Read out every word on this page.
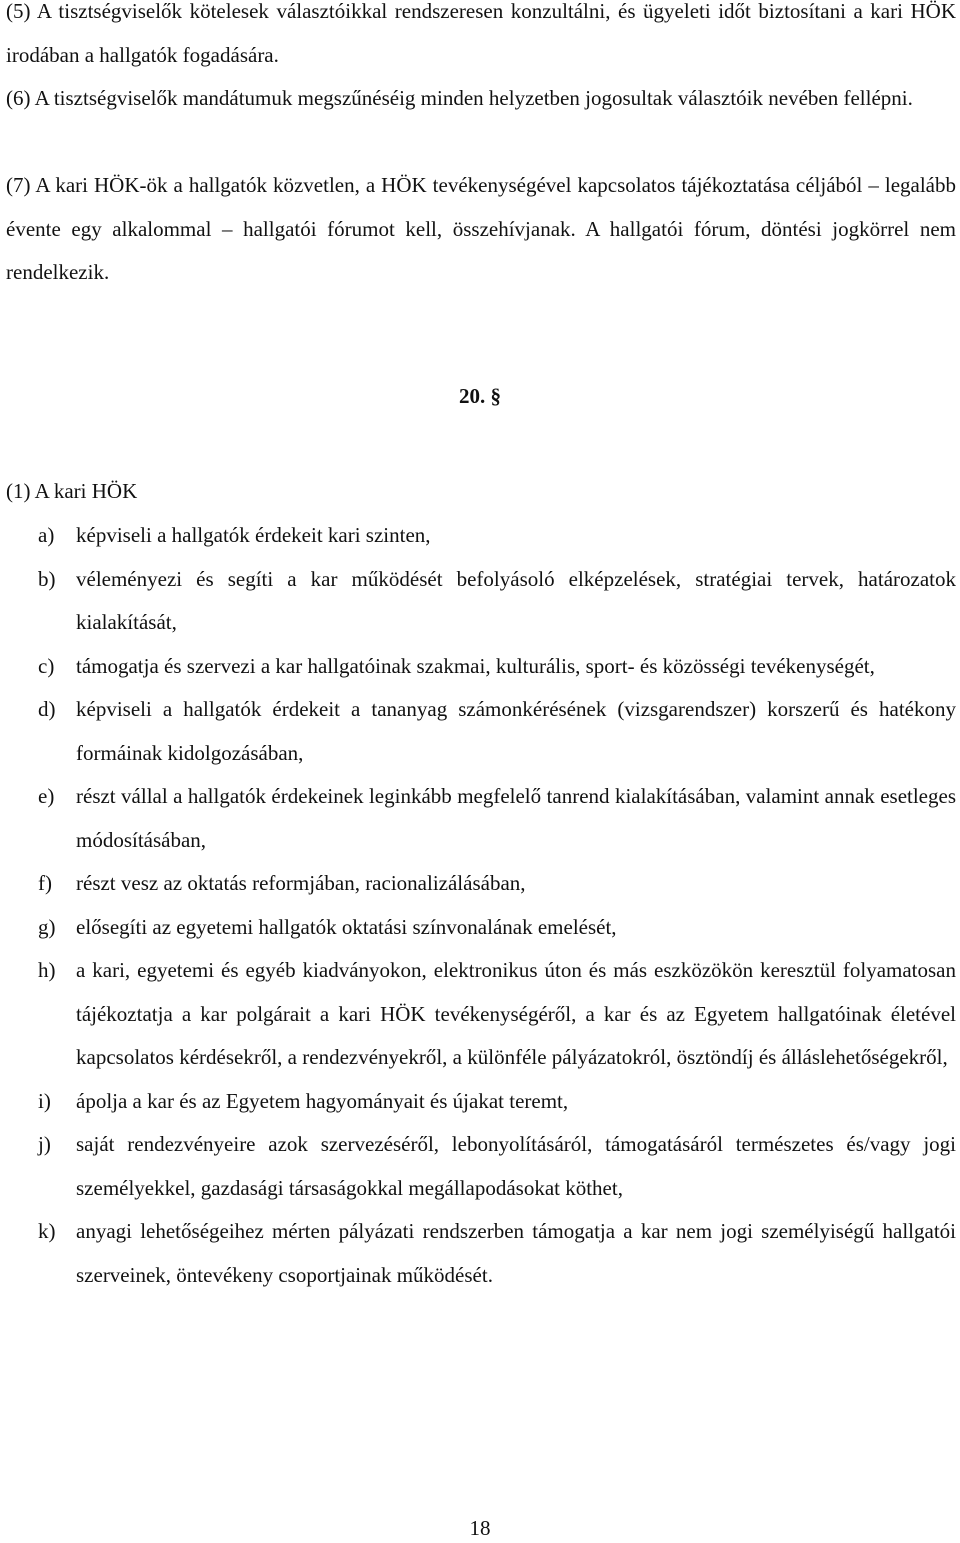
(5) A tisztségviselők kötelesek választóikkal rendszeresen konzultálni, és ügyeleti időt biztosítani a kari HÖK irodában a hallgatók fogadására.

(6) A tisztségviselők mandátumuk megszűnéséig minden helyzetben jogosultak választóik nevében fellépni.

(7) A kari HÖK-ök a hallgatók közvetlen, a HÖK tevékenységével kapcsolatos tájékoztatása céljából – legalább évente egy alkalommal – hallgatói fórumot kell, összehívjanak. A hallgatói fórum, döntési jogkörrel nem rendelkezik.

20. §

(1) A kari HÖK

a) képviseli a hallgatók érdekeit kari szinten,
b) véleményezi és segíti a kar működését befolyásoló elképzelések, stratégiai tervek, határozatok kialakítását,
c) támogatja és szervezi a kar hallgatóinak szakmai, kulturális, sport- és közösségi tevékenységét,
d) képviseli a hallgatók érdekeit a tananyag számonkérésének (vizsgarendszer) korszerű és hatékony formáinak kidolgozásában,
e) részt vállal a hallgatók érdekeinek leginkább megfelelő tanrend kialakításában, valamint annak esetleges módosításában,
f) részt vesz az oktatás reformjában, racionalizálásában,
g) elősegíti az egyetemi hallgatók oktatási színvonalának emelését,
h) a kari, egyetemi és egyéb kiadványokon, elektronikus úton és más eszközökön keresztül folyamatosan tájékoztatja a kar polgárait a kari HÖK tevékenységéről, a kar és az Egyetem hallgatóinak életével kapcsolatos kérdésekről, a rendezvényekről, a különféle pályázatokról, ösztöndíj és álláslehetőségekről,
i) ápolja a kar és az Egyetem hagyományait és újakat teremt,
j) saját rendezvényeire azok szervezéséről, lebonyolításáról, támogatásáról természetes és/vagy jogi személyekkel, gazdasági társaságokkal megállapodásokat köthet,
k) anyagi lehetőségeihez mérten pályázati rendszerben támogatja a kar nem jogi személyiségű hallgatói szerveinek, öntevékeny csoportjainak működését.
18
